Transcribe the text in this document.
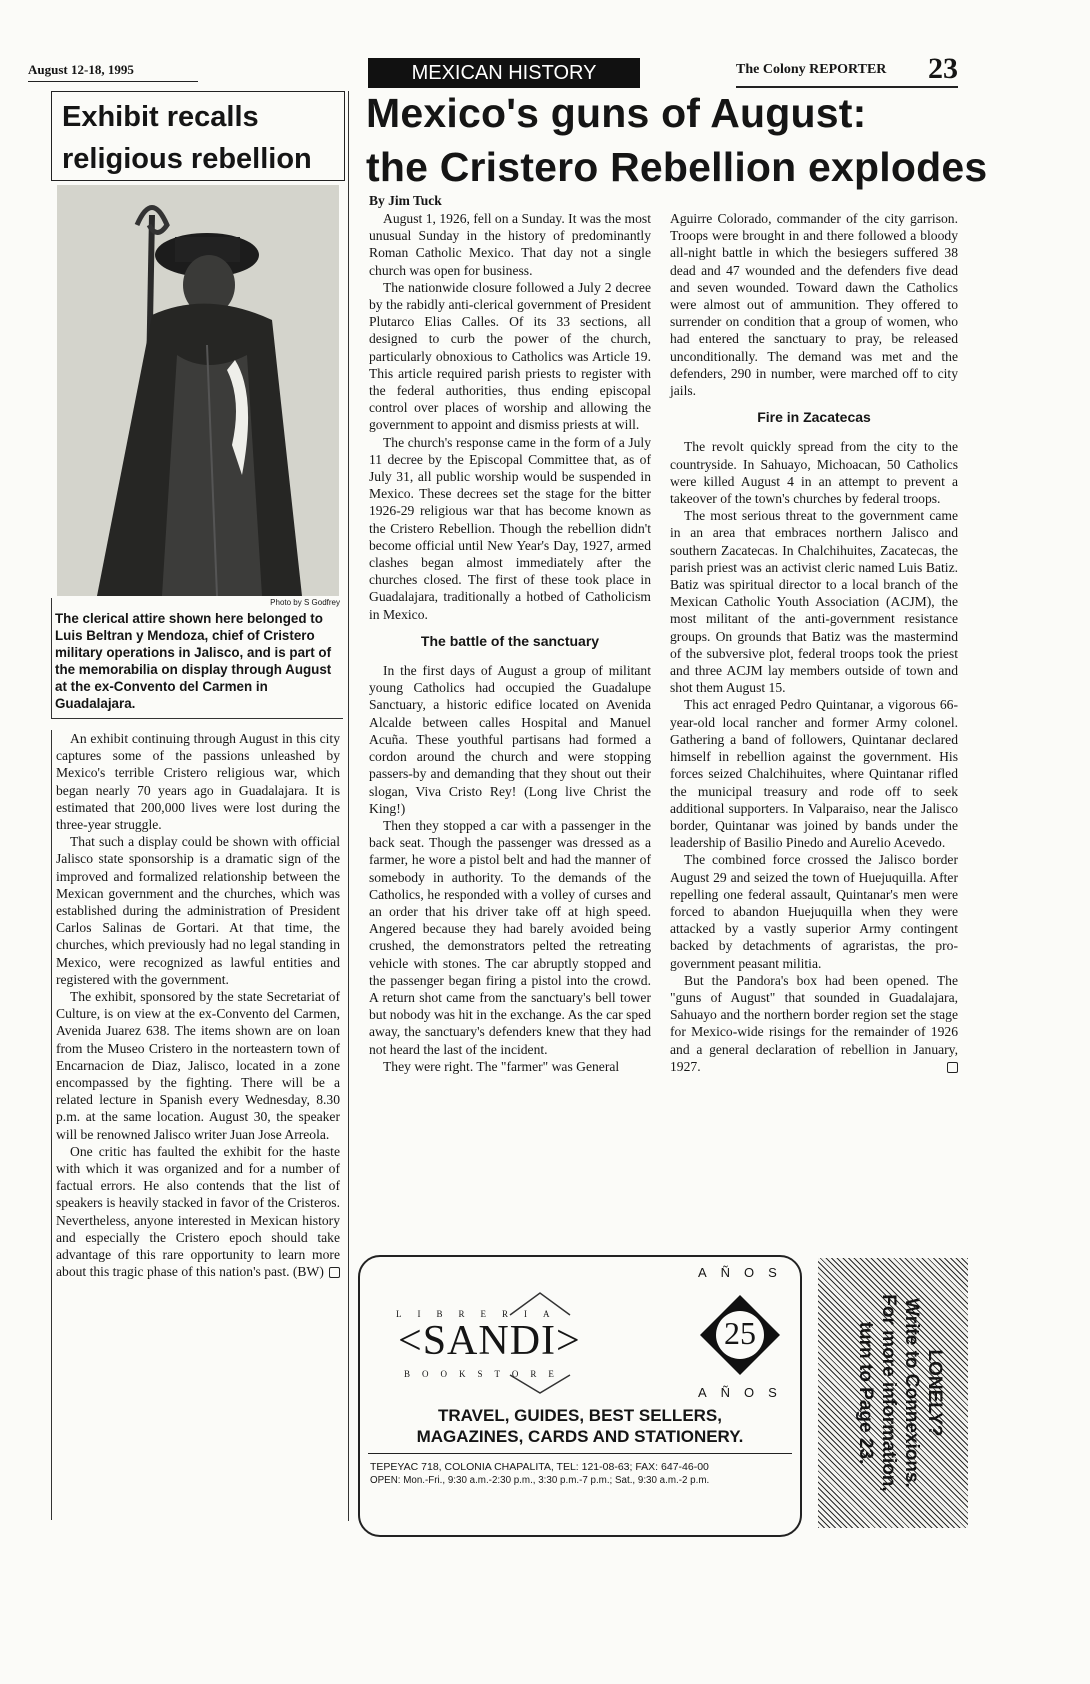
August 12-18, 1995	MEXICAN HISTORY	The Colony REPORTER 23
Exhibit recalls
religious rebellion
Photo by S Godfrey
The clerical attire shown here belonged to Luis Beltran y Mendoza, chief of Cristero military operations in Jalisco, and is part of the memorabilia on display through August at the ex-Convento del Carmen in Guadalajara.

An exhibit continuing through August in this city captures some of the passions unleashed by Mexico's terrible Cristero religious war, which began nearly 70 years ago in Guadalajara. It is estimated that 200,000 lives were lost during the three-year struggle.

That such a display could be shown with official Jalisco state sponsorship is a dramatic sign of the improved and formalized relationship between the Mexican government and the churches, which was established during the administration of President Carlos Salinas de Gortari. At that time, the churches, which previously had no legal standing in Mexico, were recognized as lawful entities and registered with the government.

The exhibit, sponsored by the state Secretariat of Culture, is on view at the ex-Convento del Carmen, Avenida Juarez 638. The items shown are on loan from the Museo Cristero in the norteastern town of Encarnacion de Diaz, Jalisco, located in a zone encompassed by the fighting. There will be a related lecture in Spanish every Wednesday, 8.30 p.m. at the same location. August 30, the speaker will be renowned Jalisco writer Juan Jose Arreola.

One critic has faulted the exhibit for the haste with which it was organized and for a number of factual errors. He also contends that the list of speakers is heavily stacked in favor of the Cristeros. Nevertheless, anyone interested in Mexican history and especially the Cristero epoch should take advantage of this rare opportunity to learn more about this tragic phase of this nation's past. (BW)

Mexico's guns of August:
the Cristero Rebellion explodes
By Jim Tuck

August 1, 1926, fell on a Sunday. It was the most unusual Sunday in the history of predominantly Roman Catholic Mexico. That day not a single church was open for business.

The nationwide closure followed a July 2 decree by the rabidly anti-clerical government of President Plutarco Elias Calles. Of its 33 sections, all designed to curb the power of the church, particularly obnoxious to Catholics was Article 19. This article required parish priests to register with the federal authorities, thus ending episcopal control over places of worship and allowing the government to appoint and dismiss priests at will.

The church's response came in the form of a July 11 decree by the Episcopal Committee that, as of July 31, all public worship would be suspended in Mexico. These decrees set the stage for the bitter 1926-29 religious war that has become known as the Cristero Rebellion. Though the rebellion didn't become official until New Year's Day, 1927, armed clashes began almost immediately after the churches closed. The first of these took place in Guadalajara, traditionally a hotbed of Catholicism in Mexico.

The battle of the sanctuary

In the first days of August a group of militant young Catholics had occupied the Guadalupe Sanctuary, a historic edifice located on Avenida Alcalde between calles Hospital and Manuel Acuña. These youthful partisans had formed a cordon around the church and were stopping passers-by and demanding that they shout out their slogan, Viva Cristo Rey! (Long live Christ the King!)

Then they stopped a car with a passenger in the back seat. Though the passenger was dressed as a farmer, he wore a pistol belt and had the manner of somebody in authority. To the demands of the Catholics, he responded with a volley of curses and an order that his driver take off at high speed. Angered because they had barely avoided being crushed, the demonstrators pelted the retreating vehicle with stones. The car abruptly stopped and the passenger began firing a pistol into the crowd. A return shot came from the sanctuary's bell tower but nobody was hit in the exchange. As the car sped away, the sanctuary's defenders knew that they had not heard the last of the incident.

They were right. The "farmer" was General

Aguirre Colorado, commander of the city garrison. Troops were brought in and there followed a bloody all-night battle in which the besiegers suffered 38 dead and 47 wounded and the defenders five dead and seven wounded. Toward dawn the Catholics were almost out of ammunition. They offered to surrender on condition that a group of women, who had entered the sanctuary to pray, be released unconditionally. The demand was met and the defenders, 290 in number, were marched off to city jails.

Fire in Zacatecas

The revolt quickly spread from the city to the countryside. In Sahuayo, Michoacan, 50 Catholics were killed August 4 in an attempt to prevent a takeover of the town's churches by federal troops.

The most serious threat to the government came in an area that embraces northern Jalisco and southern Zacatecas. In Chalchihuites, Zacatecas, the parish priest was an activist cleric named Luis Batiz. Batiz was spiritual director to a local branch of the Mexican Catholic Youth Association (ACJM), the most militant of the anti-government resistance groups. On grounds that Batiz was the mastermind of the subversive plot, federal troops took the priest and three ACJM lay members outside of town and shot them August 15.

This act enraged Pedro Quintanar, a vigorous 66-year-old local rancher and former Army colonel. Gathering a band of followers, Quintanar declared himself in rebellion against the government. His forces seized Chalchihuites, where Quintanar rifled the municipal treasury and rode off to seek additional supporters. In Valparaiso, near the Jalisco border, Quintanar was joined by bands under the leadership of Basilio Pinedo and Aurelio Acevedo.

The combined force crossed the Jalisco border August 29 and seized the town of Huejuquilla. After repelling one federal assault, Quintanar's men were forced to abandon Huejuquilla when they were attacked by a vastly superior Army contingent backed by detachments of agraristas, the pro-government peasant militia.

But the Pandora's box had been opened. The "guns of August" that sounded in Guadalajara, Sahuayo and the northern border region set the stage for Mexico-wide risings for the remainder of 1926 and a general declaration of rebellion in January, 1927.

AÑOS
LIBRERIA
<SANDI>
BOOKSTORE
25
AÑOS
TRAVEL, GUIDES, BEST SELLERS,
MAGAZINES, CARDS AND STATIONERY.
TEPEYAC 718, COLONIA CHAPALITA, TEL: 121-08-63; FAX: 647-46-00
OPEN: Mon.-Fri., 9:30 a.m.-2:30 p.m., 3:30 p.m.-7 p.m.; Sat., 9:30 a.m.-2 p.m.
LONELY?
Write to Connexions.
For more information,
turn to Page 23.
